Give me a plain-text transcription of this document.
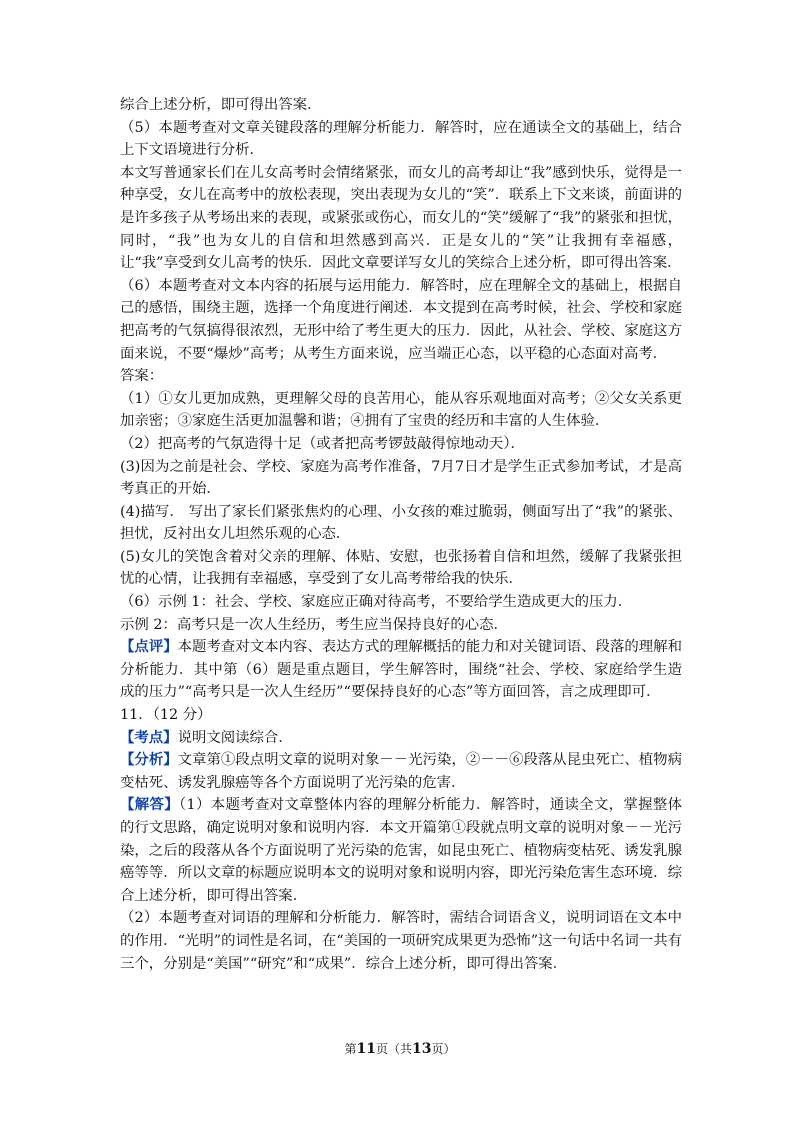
综合上述分析，即可得出答案．

（5）本题考查对文章关键段落的理解分析能力．解答时，应在通读全文的基础上，结合上下文语境进行分析．

本文写普通家长们在儿女高考时会情绪紧张，而女儿的高考却让“我”感到快乐，觉得是一种享受，女儿在高考中的放松表现，突出表现为女儿的“笑”．联系上下文来谈，前面讲的是许多孩子从考场出来的表现，或紧张或伤心，而女儿的“笑”缓解了“我”的紧张和担忧，同时，“我”也为女儿的自信和坦然感到高兴．正是女儿的“笑”让我拥有幸福感，让“我”享受到女儿高考的快乐．因此文章要详写女儿的笑综合上述分析，即可得出答案．

（6）本题考查对文本内容的拓展与运用能力．解答时，应在理解全文的基础上，根据自己的感悟，围绕主题，选择一个角度进行阐述．本文提到在高考时候，社会、学校和家庭把高考的气氛搞得很浓烈，无形中给了考生更大的压力．因此，从社会、学校、家庭这方面来说，不要“爆炒”高考；从考生方面来说，应当端正心态，以平稳的心态面对高考．

答案：

（1）①女儿更加成熟，更理解父母的良苦用心，能从容乐观地面对高考；②父女关系更加亲密；③家庭生活更加温馨和谐；④拥有了宝贵的经历和丰富的人生体验．

（2）把高考的气氛造得十足（或者把高考锣鼓敲得惊地动天）．

(3)因为之前是社会、学校、家庭为高考作准备，7月7日才是学生正式参加考试，才是高考真正的开始．

(4)描写． 写出了家长们紧张焦灼的心理、小女孩的难过脆弱，侧面写出了“我”的紧张、担忧，反衬出女儿坦然乐观的心态．

(5)女儿的笑饱含着对父亲的理解、体贴、安慰，也张扬着自信和坦然，缓解了我紧张担忧的心情，让我拥有幸福感，享受到了女儿高考带给我的快乐．

（6）示例 1：社会、学校、家庭应正确对待高考，不要给学生造成更大的压力．

示例 2：高考只是一次人生经历，考生应当保持良好的心态．

【点评】本题考查对文本内容、表达方式的理解概括的能力和对关键词语、段落的理解和分析能力．其中第（6）题是重点题目，学生解答时，围绕“社会、学校、家庭给学生造成的压力”“高考只是一次人生经历”“要保持良好的心态”等方面回答，言之成理即可．

11．（12 分）

【考点】说明文阅读综合．

【分析】文章第①段点明文章的说明对象－－光污染，②－－⑥段落从昆虫死亡、植物病变枯死、诱发乳腺癌等各个方面说明了光污染的危害．

【解答】（1）本题考查对文章整体内容的理解分析能力．解答时，通读全文，掌握整体的行文思路，确定说明对象和说明内容．本文开篇第①段就点明文章的说明对象－－光污染，之后的段落从各个方面说明了光污染的危害，如昆虫死亡、植物病变枯死、诱发乳腺癌等等．所以文章的标题应说明本文的说明对象和说明内容，即光污染危害生态环境．综合上述分析，即可得出答案．

（2）本题考查对词语的理解和分析能力．解答时，需结合词语含义，说明词语在文本中的作用．“光明”的词性是名词，在“美国的一项研究成果更为恐怖”这一句话中名词一共有三个，分别是“美国”“研究”和“成果”．综合上述分析，即可得出答案．

第11页（共13页）
